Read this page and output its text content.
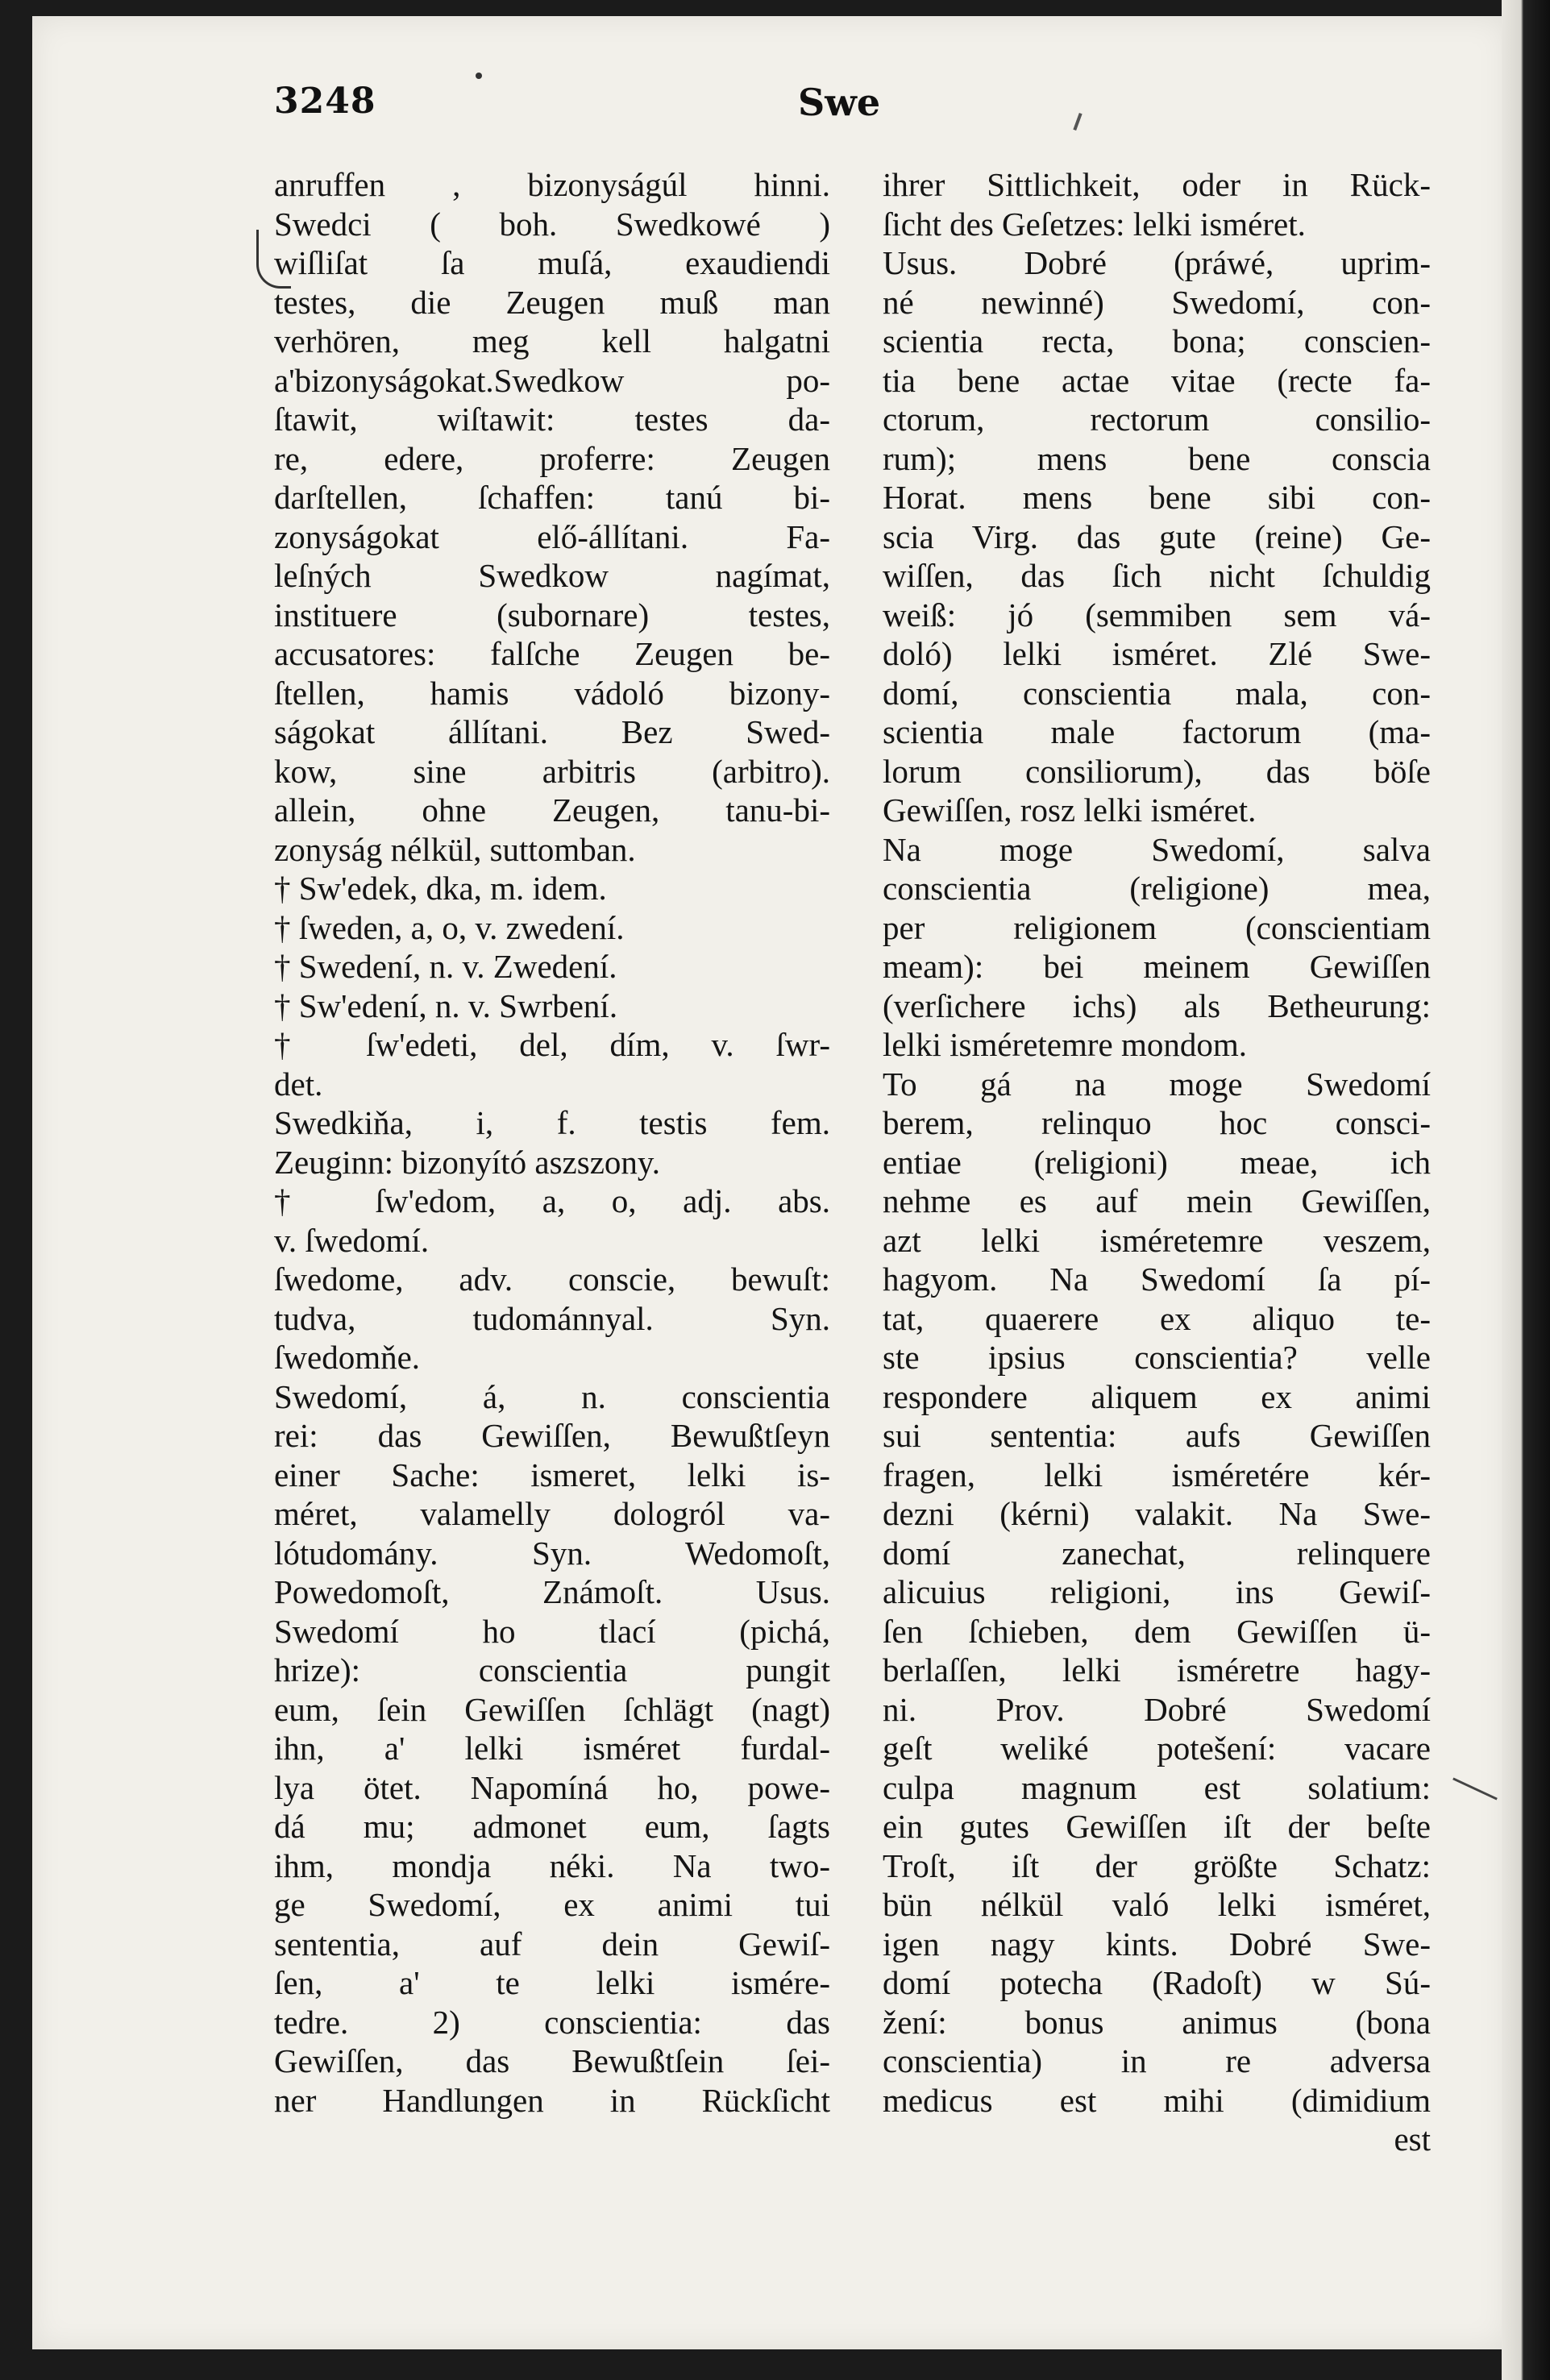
3248	Swe
anruffen , bizonyságúl hinni.
Swedci ( boh. Swedkowé )
wiſliſat ſa muſá, exaudiendi
testes, die Zeugen muß man
verhören, meg kell halgatni
a'bizonyságokat.Swedkow po-
ſtawit, wiſtawit: testes da-
re, edere, proferre: Zeugen
darſtellen, ſchaffen: tanú bi-
zonyságokat elő-állítani. Fa-
leſných Swedkow nagímat,
instituere (subornare) testes,
accusatores: falſche Zeugen be-
ſtellen, hamis vádoló bizony-
ságokat állítani. Bez Swed-
kow, sine arbitris (arbitro).
allein, ohne Zeugen, tanu-bi-
zonyság nélkül, suttomban.
† Sw'edek, dka, m. idem.
† ſweden, a, o, v. zwedení.
† Swedení, n. v. Zwedení.
† Sw'edení, n. v. Swrbení.
† ſw'edeti, del, dím, v. ſwr-
det.
Swedkiňa, i, f. testis fem.
Zeuginn: bizonyító aszszony.
† ſw'edom, a, o, adj. abs.
v. ſwedomí.
ſwedome, adv. conscie, bewuſt:
tudva, tudománnyal. Syn.
ſwedomňe.
Swedomí, á, n. conscientia
rei: das Gewiſſen, Bewußtſeyn
einer Sache: ismeret, lelki is-
méret, valamelly dologról va-
lótudomány. Syn. Wedomoſt,
Powedomoſt, Známoſt. Usus.
Swedomí ho tlací (pichá,
hrize): conscientia pungit
eum, ſein Gewiſſen ſchlägt (nagt)
ihn, a' lelki isméret furdal-
lya ötet. Napomíná ho, powe-
dá mu; admonet eum, ſagts
ihm, mondja néki. Na two-
ge Swedomí, ex animi tui
sententia, auf dein Gewiſ-
ſen, a' te lelki ismére-
tedre. 2) conscientia: das
Gewiſſen, das Bewußtſein ſei-
ner Handlungen in Rückſicht
ihrer Sittlichkeit, oder in Rück-
ſicht des Geſetzes: lelki isméret.
Usus. Dobré (práwé, uprim-
né newinné) Swedomí, con-
scientia recta, bona; conscien-
tia bene actae vitae (recte fa-
ctorum, rectorum consilio-
rum); mens bene conscia
Horat. mens bene sibi con-
scia Virg. das gute (reine) Ge-
wiſſen, das ſich nicht ſchuldig
weiß: jó (semmiben sem vá-
doló) lelki isméret. Zlé Swe-
domí, conscientia mala, con-
scientia male factorum (ma-
lorum consiliorum), das böſe
Gewiſſen, rosz lelki isméret.
Na moge Swedomí, salva
conscientia (religione) mea,
per religionem (conscientiam
meam): bei meinem Gewiſſen
(verſichere ichs) als Betheurung:
lelki isméretemre mondom.
To gá na moge Swedomí
berem, relinquo hoc consci-
entiae (religioni) meae, ich
nehme es auf mein Gewiſſen,
azt lelki isméretemre veszem,
hagyom. Na Swedomí ſa pí-
tat, quaerere ex aliquo te-
ste ipsius conscientia? velle
respondere aliquem ex animi
sui sententia: aufs Gewiſſen
fragen, lelki isméretére kér-
dezni (kérni) valakit. Na Swe-
domí zanechat, relinquere
alicuius religioni, ins Gewiſ-
ſen ſchieben, dem Gewiſſen ü-
berlaſſen, lelki isméretre hagy-
ni. Prov. Dobré Swedomí
geſt weliké potešení: vacare
culpa magnum est solatium:
ein gutes Gewiſſen iſt der beſte
Troſt, iſt der größte Schatz:
bün nélkül való lelki isméret,
igen nagy kints. Dobré Swe-
domí potecha (Radoſt) w Sú-
žení: bonus animus (bona
conscientia) in re adversa
medicus est mihi (dimidium
est
